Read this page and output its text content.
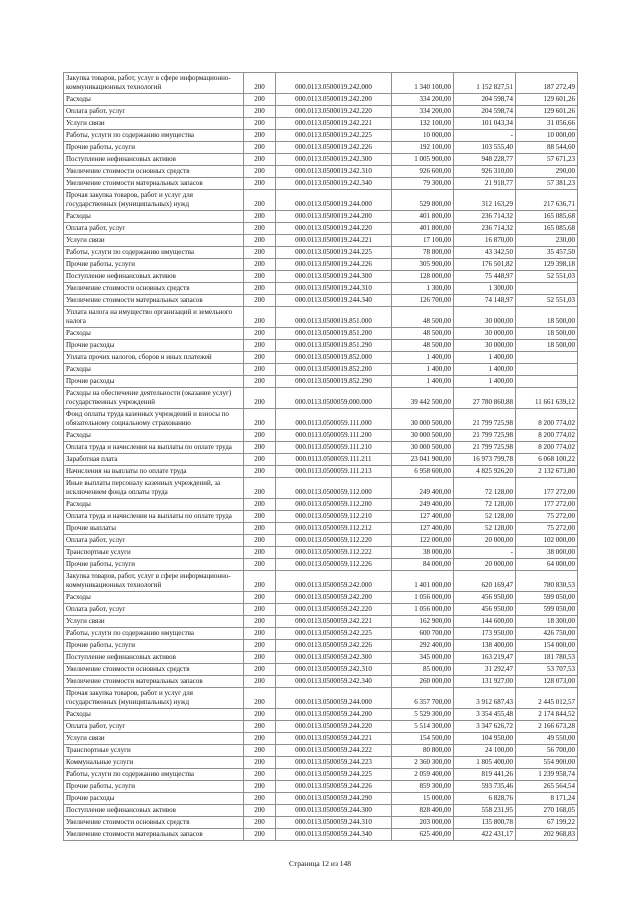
Закупка товаров, работ, услуг в сфере информационно-коммуникационных технологий	200	000.0113.0500019.242.000	1 340 100,00	1 152 827,51	187 272,49
Расходы	200	000.0113.0500019.242.200	334 200,00	204 598,74	129 601,26
Оплата работ, услуг	200	000.0113.0500019.242.220	334 200,00	204 598,74	129 601,26
Услуги связи	200	000.0113.0500019.242.221	132 100,00	101 043,34	31 056,66
Работы, услуги по содержанию имущества	200	000.0113.0500019.242.225	10 000,00	-	10 000,00
Прочие работы, услуги	200	000.0113.0500019.242.226	192 100,00	103 555,40	88 544,60
Поступление нефинансовых активов	200	000.0113.0500019.242.300	1 005 900,00	948 228,77	57 671,23
Увеличение стоимости основных средств	200	000.0113.0500019.242.310	926 600,00	926 310,00	290,00
Увеличение стоимости материальных запасов	200	000.0113.0500019.242.340	79 300,00	21 918,77	57 381,23
Прочая закупка товаров, работ и услуг для государственных (муниципальных) нужд	200	000.0113.0500019.244.000	529 800,00	312 163,29	217 636,71
Расходы	200	000.0113.0500019.244.200	401 800,00	236 714,32	165 085,68
Оплата работ, услуг	200	000.0113.0500019.244.220	401 800,00	236 714,32	165 085,68
Услуги связи	200	000.0113.0500019.244.221	17 100,00	16 870,00	230,00
Работы, услуги по содержанию имущества	200	000.0113.0500019.244.225	78 800,00	43 342,50	35 457,50
Прочие работы, услуги	200	000.0113.0500019.244.226	305 900,00	176 501,82	129 398,18
Поступление нефинансовых активов	200	000.0113.0500019.244.300	128 000,00	75 448,97	52 551,03
Увеличение стоимости основных средств	200	000.0113.0500019.244.310	1 300,00	1 300,00	
Увеличение стоимости материальных запасов	200	000.0113.0500019.244.340	126 700,00	74 148,97	52 551,03
Уплата налога на имущество организаций и земельного налога	200	000.0113.0500019.851.000	48 500,00	30 000,00	18 500,00
Расходы	200	000.0113.0500019.851.200	48 500,00	30 000,00	18 500,00
Прочие расходы	200	000.0113.0500019.851.290	48 500,00	30 000,00	18 500,00
Уплата прочих налогов, сборов и иных платежей	200	000.0113.0500019.852.000	1 400,00	1 400,00	
Расходы	200	000.0113.0500019.852.200	1 400,00	1 400,00	
Прочие расходы	200	000.0113.0500019.852.290	1 400,00	1 400,00	
Расходы на обеспечение деятельности (оказание услуг) государственных учреждений	200	000.0113.0500059.000.000	39 442 500,00	27 780 860,88	11 661 639,12
Фонд оплаты труда казенных учреждений и взносы по обязательному социальному страхованию	200	000.0113.0500059.111.000	30 000 500,00	21 799 725,98	8 200 774,02
Расходы	200	000.0113.0500059.111.200	30 000 500,00	21 799 725,98	8 200 774,02
Оплата труда и начисления на выплаты по оплате труда	200	000.0113.0500059.111.210	30 000 500,00	21 799 725,98	8 200 774,02
Заработная плата	200	000.0113.0500059.111.211	23 041 900,00	16 973 799,78	6 068 100,22
Начисления на выплаты по оплате труда	200	000.0113.0500059.111.213	6 958 600,00	4 825 926,20	2 132 673,80
Иные выплаты персоналу казенных учреждений, за исключением фонда оплаты труда	200	000.0113.0500059.112.000	249 400,00	72 128,00	177 272,00
Расходы	200	000.0113.0500059.112.200	249 400,00	72 128,00	177 272,00
Оплата труда и начисления на выплаты по оплате труда	200	000.0113.0500059.112.210	127 400,00	52 128,00	75 272,00
Прочие выплаты	200	000.0113.0500059.112.212	127 400,00	52 128,00	75 272,00
Оплата работ, услуг	200	000.0113.0500059.112.220	122 000,00	20 000,00	102 000,00
Транспортные услуги	200	000.0113.0500059.112.222	38 000,00	-	38 000,00
Прочие работы, услуги	200	000.0113.0500059.112.226	84 000,00	20 000,00	64 000,00
Закупка товаров, работ, услуг в сфере информационно-коммуникационных технологий	200	000.0113.0500059.242.000	1 401 000,00	620 169,47	780 830,53
Расходы	200	000.0113.0500059.242.200	1 056 000,00	456 950,00	599 050,00
Оплата работ, услуг	200	000.0113.0500059.242.220	1 056 000,00	456 950,00	599 050,00
Услуги связи	200	000.0113.0500059.242.221	162 900,00	144 600,00	18 300,00
Работы, услуги по содержанию имущества	200	000.0113.0500059.242.225	600 700,00	173 950,00	426 750,00
Прочие работы, услуги	200	000.0113.0500059.242.226	292 400,00	138 400,00	154 000,00
Поступление нефинансовых активов	200	000.0113.0500059.242.300	345 000,00	163 219,47	181 780,53
Увеличение стоимости основных средств	200	000.0113.0500059.242.310	85 000,00	31 292,47	53 707,53
Увеличение стоимости материальных запасов	200	000.0113.0500059.242.340	260 000,00	131 927,00	128 073,00
Прочая закупка товаров, работ и услуг для государственных (муниципальных) нужд	200	000.0113.0500059.244.000	6 357 700,00	3 912 687,43	2 445 012,57
Расходы	200	000.0113.0500059.244.200	5 529 300,00	3 354 455,48	2 174 844,52
Оплата работ, услуг	200	000.0113.0500059.244.220	5 514 300,00	3 347 626,72	2 166 673,28
Услуги связи	200	000.0113.0500059.244.221	154 500,00	104 950,00	49 550,00
Транспортные услуги	200	000.0113.0500059.244.222	80 800,00	24 100,00	56 700,00
Коммунальные услуги	200	000.0113.0500059.244.223	2 360 300,00	1 805 400,00	554 900,00
Работы, услуги по содержанию имущества	200	000.0113.0500059.244.225	2 059 400,00	819 441,26	1 239 958,74
Прочие работы, услуги	200	000.0113.0500059.244.226	859 300,00	593 735,46	265 564,54
Прочие расходы	200	000.0113.0500059.244.290	15 000,00	6 828,76	8 171,24
Поступление нефинансовых активов	200	000.0113.0500059.244.300	828 400,00	558 231,95	270 168,05
Увеличение стоимости основных средств	200	000.0113.0500059.244.310	203 000,00	135 800,78	67 199,22
Увеличение стоимости материальных запасов	200	000.0113.0500059.244.340	625 400,00	422 431,17	202 968,83
Страница 12 из 148
